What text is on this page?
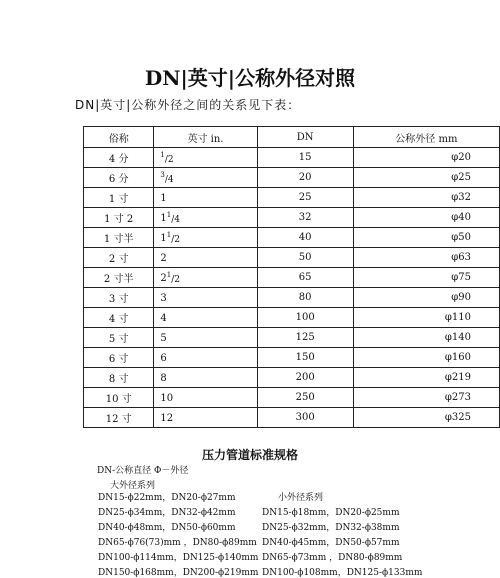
DN|英寸|公称外径对照
DN|英寸|公称外径之间的关系见下表：
俗称	英寸 in.	DN	公称外径 mm
4 分	$^1_{/2}$	15	φ20
6 分	$^3_{/4}$	20	φ25
1 寸	1	25	φ32
1 寸 2	$1^1_{/4}$	32	φ40
1 寸半	$1^1_{/2}$	40	φ50
2 寸	2	50	φ63
2 寸半	$2^1_{/2}$	65	φ75
3 寸	3	80	φ90
4 寸	4	100	φ110
5 寸	5	125	φ140
6 寸	6	150	φ160
8 寸	8	200	φ219
10 寸	10	250	φ273
12 寸	12	300	φ325
压力管道标准规格
DN-公称直径 Φ－外径
大外径系列
小外径系列
DN15-ϕ22mm，DN20-ϕ27mm
DN25-ϕ34mm，DN32-ϕ42mm
DN40-ϕ48mm，DN50-ϕ60mm
DN65-ϕ76(73)mm ，DN80-ϕ89mm
DN100-ϕ114mm，DN125-ϕ140mm
DN150-ϕ168mm，DN200-ϕ219mm
DN15-ϕ18mm，DN20-ϕ25mm
DN25-ϕ32mm，DN32-ϕ38mm
DN40-ϕ45mm，DN50-ϕ57mm
DN65-ϕ73mm ，DN80-ϕ89mm
DN100-ϕ108mm，DN125-ϕ133mm
